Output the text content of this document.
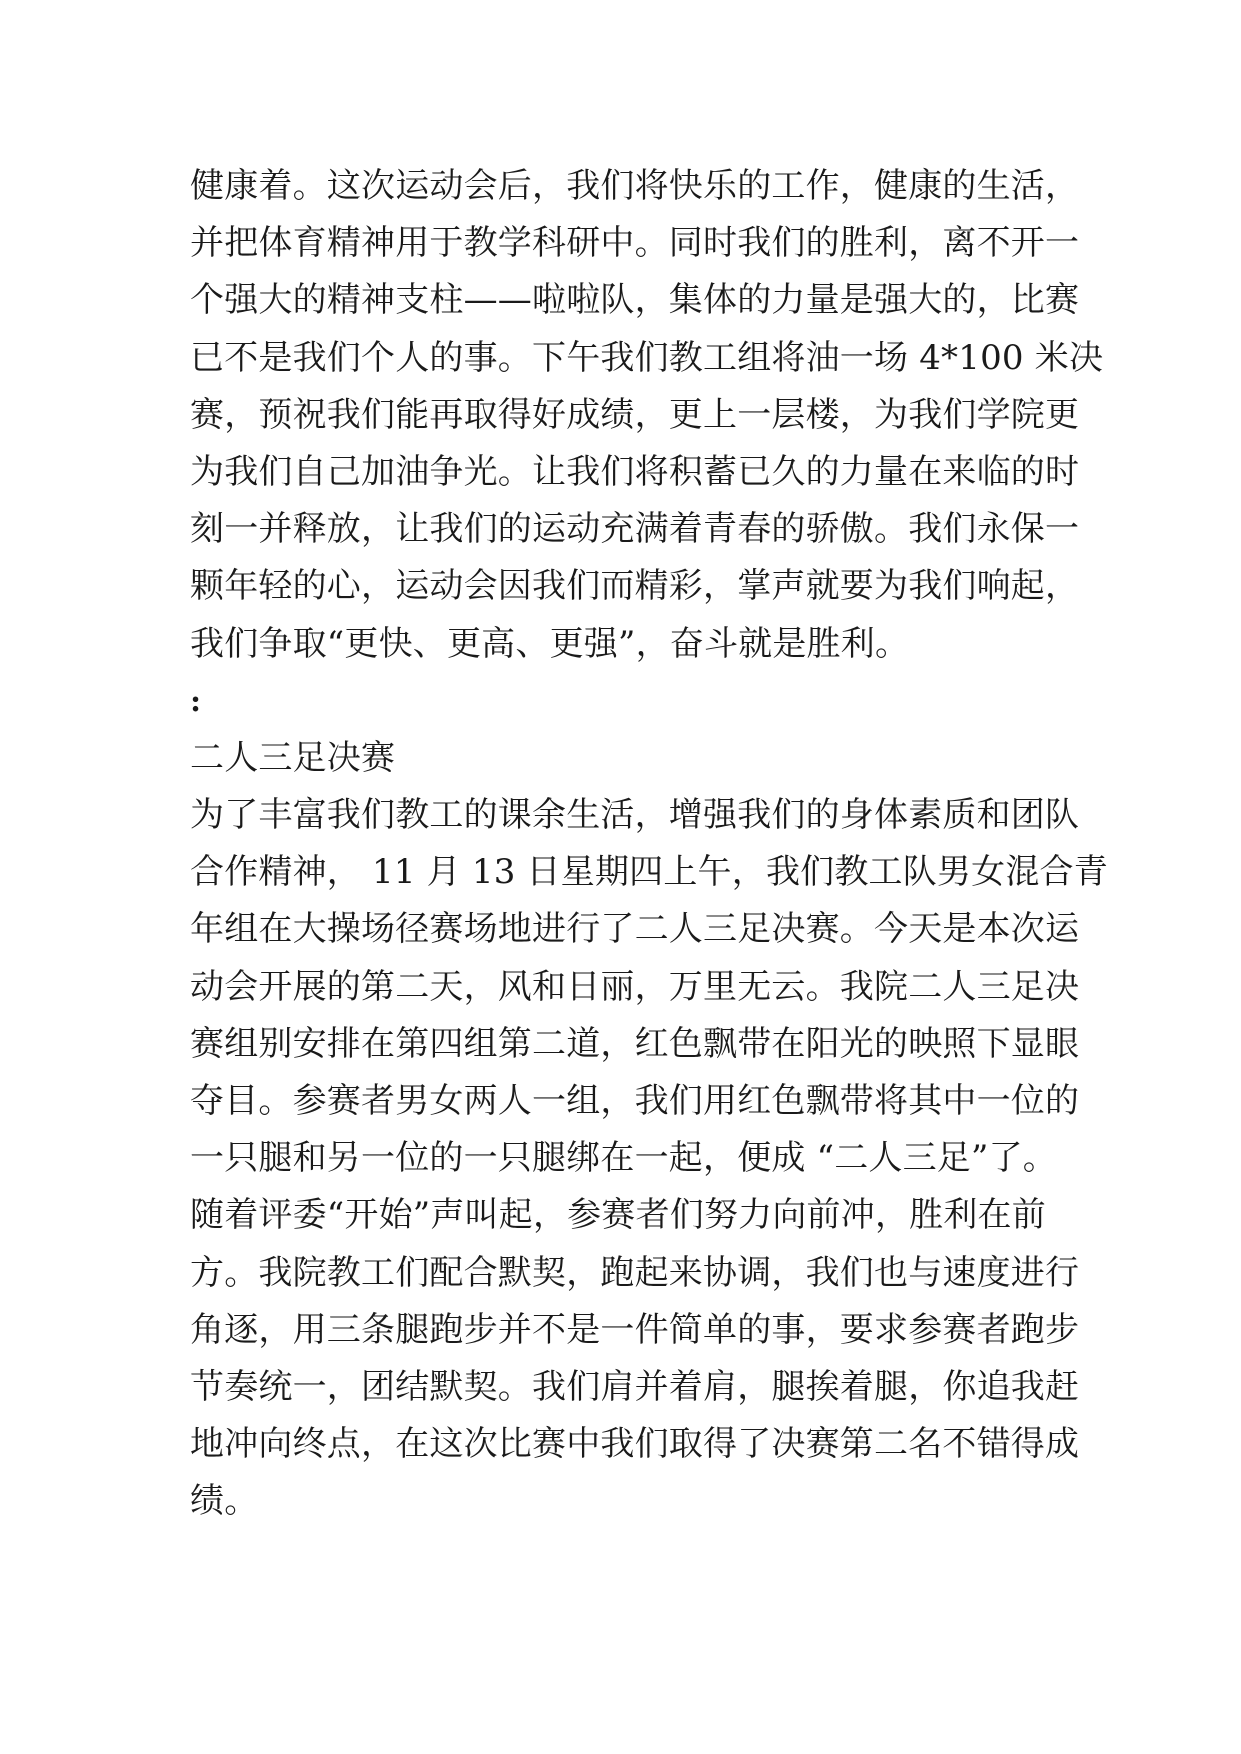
健康着。这次运动会后，我们将快乐的工作，健康的生活，
并把体育精神用于教学科研中。同时我们的胜利，离不开一
个强大的精神支柱——啦啦队，集体的力量是强大的，比赛
已不是我们个人的事。下午我们教工组将油一场 4*100 米决
赛，预祝我们能再取得好成绩，更上一层楼，为我们学院更
为我们自己加油争光。让我们将积蓄已久的力量在来临的时
刻一并释放，让我们的运动充满着青春的骄傲。我们永保一
颗年轻的心，运动会因我们而精彩，掌声就要为我们响起，
我们争取“更快、更高、更强”，奋斗就是胜利。
:
二人三足决赛
为了丰富我们教工的课余生活，增强我们的身体素质和团队
合作精神， 11 月 13 日星期四上午，我们教工队男女混合青
年组在大操场径赛场地进行了二人三足决赛。今天是本次运
动会开展的第二天，风和日丽，万里无云。我院二人三足决
赛组别安排在第四组第二道，红色飘带在阳光的映照下显眼
夺目。参赛者男女两人一组，我们用红色飘带将其中一位的
一只腿和另一位的一只腿绑在一起，便成 “二人三足”了。
随着评委“开始”声叫起，参赛者们努力向前冲，胜利在前
方。我院教工们配合默契，跑起来协调，我们也与速度进行
角逐，用三条腿跑步并不是一件简单的事，要求参赛者跑步
节奏统一，团结默契。我们肩并着肩，腿挨着腿，你追我赶
地冲向终点，在这次比赛中我们取得了决赛第二名不错得成
绩。
